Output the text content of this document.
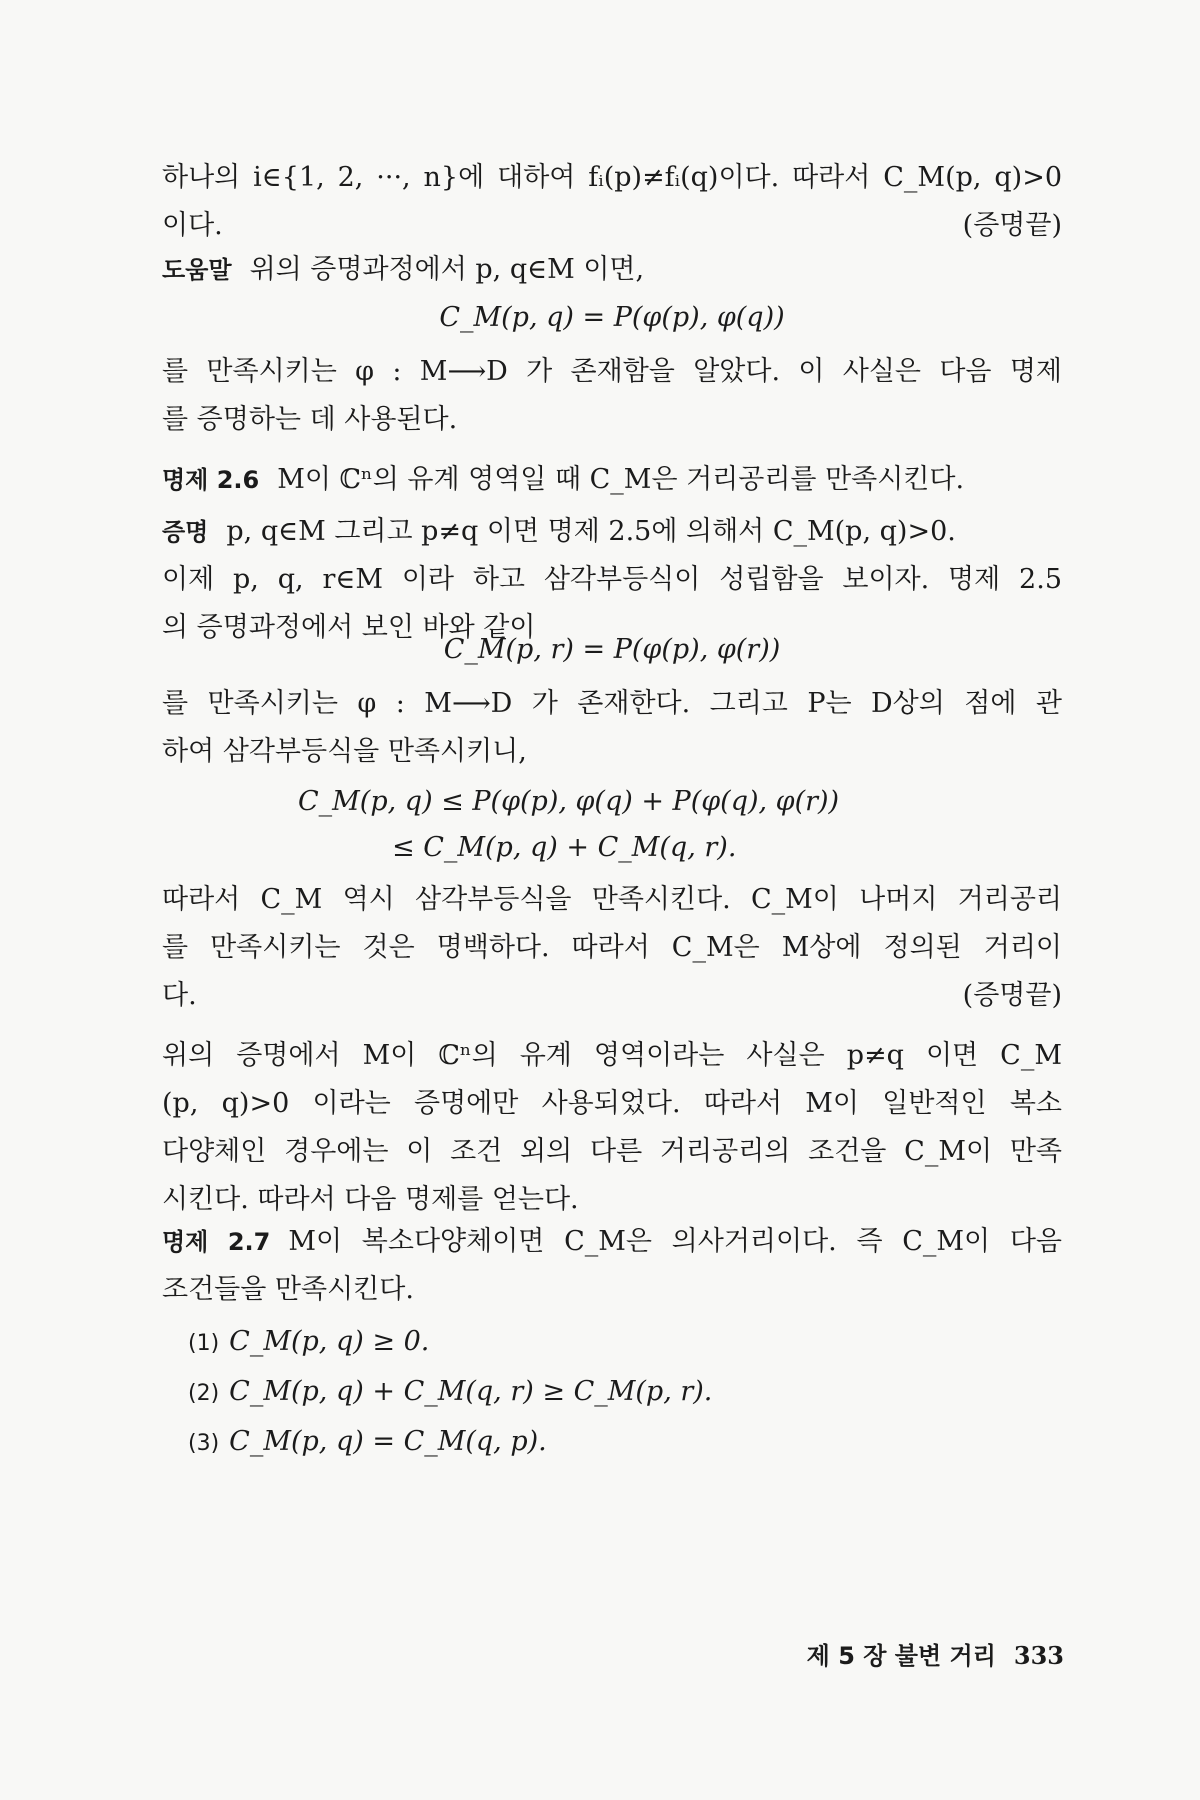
하나의 i∈{1, 2, ···, n}에 대하여 fᵢ(p)≠fᵢ(q)이다. 따라서 C_M(p, q)>0
이다.	(증명끝)
도움말 위의 증명과정에서 p, q∈M 이면,
C_M(p, q) = P(φ(p), φ(q))
를 만족시키는 φ : M⟶D 가 존재함을 알았다. 이 사실은 다음 명제
를 증명하는 데 사용된다.
명제 2.6 M이 ℂⁿ의 유계 영역일 때 C_M은 거리공리를 만족시킨다.
증명 p, q∈M 그리고 p≠q 이면 명제 2.5에 의해서 C_M(p, q)>0.
이제 p, q, r∈M 이라 하고 삼각부등식이 성립함을 보이자. 명제 2.5
의 증명과정에서 보인 바와 같이
C_M(p, r) = P(φ(p), φ(r))
를 만족시키는 φ : M⟶D 가 존재한다. 그리고 P는 D상의 점에 관
하여 삼각부등식을 만족시키니,
C_M(p, q) ≤ P(φ(p), φ(q) + P(φ(q), φ(r))
≤ C_M(p, q) + C_M(q, r).
따라서 C_M 역시 삼각부등식을 만족시킨다. C_M이 나머지 거리공리
를 만족시키는 것은 명백하다. 따라서 C_M은 M상에 정의된 거리이
다.	(증명끝)
위의 증명에서 M이 ℂⁿ의 유계 영역이라는 사실은 p≠q 이면 C_M
(p, q)>0 이라는 증명에만 사용되었다. 따라서 M이 일반적인 복소
다양체인 경우에는 이 조건 외의 다른 거리공리의 조건을 C_M이 만족
시킨다. 따라서 다음 명제를 얻는다.
명제 2.7 M이 복소다양체이면 C_M은 의사거리이다. 즉 C_M이 다음
조건들을 만족시킨다.
(1) C_M(p, q) ≥ 0.
(2) C_M(p, q) + C_M(q, r) ≥ C_M(p, r).
(3) C_M(p, q) = C_M(q, p).
제 5 장 불변 거리 333
